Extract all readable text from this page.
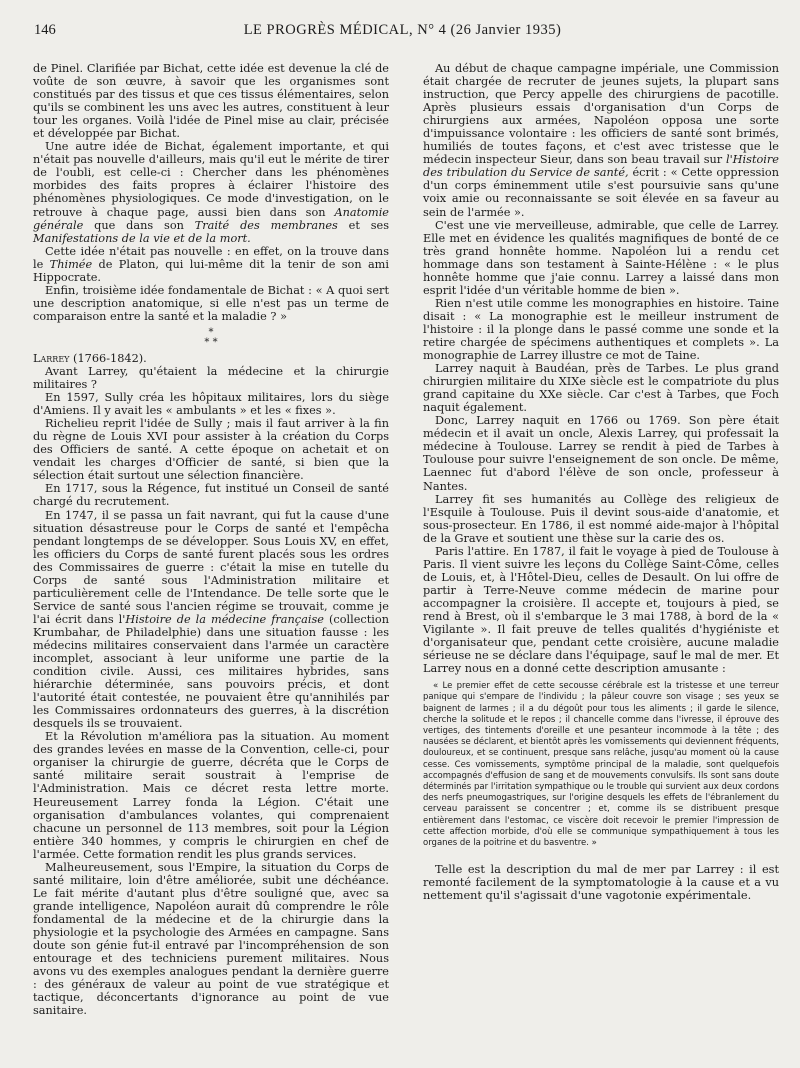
146	LE PROGRÈS MÉDICAL, N° 4 (26 Janvier 1935)

de Pinel. Clarifiée par Bichat, cette idée est devenue la clé de voûte de son œuvre, à savoir que les organismes sont constitués par des tissus et que ces tissus élémentaires, selon qu'ils se combinent les uns avec les autres, constituent à leur tour les organes. Voilà l'idée de Pinel mise au clair, précisée et développée par Bichat.

Une autre idée de Bichat, également importante, et qui n'était pas nouvelle d'ailleurs, mais qu'il eut le mérite de tirer de l'oubli, est celle-ci : Chercher dans les phénomènes morbides des faits propres à éclairer l'histoire des phénomènes physiologiques. Ce mode d'investigation, on le retrouve à chaque page, aussi bien dans son Anatomie générale que dans son Traité des membranes et ses Manifestations de la vie et de la mort.

Cette idée n'était pas nouvelle : en effet, on la trouve dans le Thimée de Platon, qui lui-même dit la tenir de son ami Hippocrate.

Enfin, troisième idée fondamentale de Bichat : « A quoi sert une description anatomique, si elle n'est pas un terme de comparaison entre la santé et la maladie ? »

*
* *

Larrey (1766-1842).

Avant Larrey, qu'étaient la médecine et la chirurgie militaires ?

En 1597, Sully créa les hôpitaux militaires, lors du siège d'Amiens. Il y avait les « ambulants » et les « fixes ».

Richelieu reprit l'idée de Sully ; mais il faut arriver à la fin du règne de Louis XVI pour assister à la création du Corps des Officiers de santé. A cette époque on achetait et on vendait les charges d'Officier de santé, si bien que la sélection était surtout une sélection financière.

En 1717, sous la Régence, fut institué un Conseil de santé chargé du recrutement.

En 1747, il se passa un fait navrant, qui fut la cause d'une situation désastreuse pour le Corps de santé et l'empêcha pendant longtemps de se développer. Sous Louis XV, en effet, les officiers du Corps de santé furent placés sous les ordres des Commissaires de guerre : c'était la mise en tutelle du Corps de santé sous l'Administration militaire et particulièrement celle de l'Intendance. De telle sorte que le Service de santé sous l'ancien régime se trouvait, comme je l'ai écrit dans l'Histoire de la médecine française (collection Krumbahar, de Philadelphie) dans une situation fausse : les médecins militaires conservaient dans l'armée un caractère incomplet, associant à leur uniforme une partie de la condition civile. Aussi, ces militaires hybrides, sans hiérarchie déterminée, sans pouvoirs précis, et dont l'autorité était contestée, ne pouvaient être qu'annihilés par les Commissaires ordonnateurs des guerres, à la discrétion desquels ils se trouvaient.

Et la Révolution m'améliora pas la situation. Au moment des grandes levées en masse de la Convention, celle-ci, pour organiser la chirurgie de guerre, décréta que le Corps de santé militaire serait soustrait à l'emprise de l'Administration. Mais ce décret resta lettre morte. Heureusement Larrey fonda la Légion. C'était une organisation d'ambulances volantes, qui comprenaient chacune un personnel de 113 membres, soit pour la Légion entière 340 hommes, y compris le chirurgien en chef de l'armée. Cette formation rendit les plus grands services.

Malheureusement, sous l'Empire, la situation du Corps de santé militaire, loin d'être améliorée, subit une déchéance. Le fait mérite d'autant plus d'être souligné que, avec sa grande intelligence, Napoléon aurait dû comprendre le rôle fondamental de la médecine et de la chirurgie dans la physiologie et la psychologie des Armées en campagne. Sans doute son génie fut-il entravé par l'incompréhension de son entourage et des techniciens purement militaires. Nous avons vu des exemples analogues pendant la dernière guerre : des généraux de valeur au point de vue stratégique et tactique, déconcertants d'ignorance au point de vue sanitaire.

Au début de chaque campagne impériale, une Commission était chargée de recruter de jeunes sujets, la plupart sans instruction, que Percy appelle des chirurgiens de pacotille. Après plusieurs essais d'organisation d'un Corps de chirurgiens aux armées, Napoléon opposa une sorte d'impuissance volontaire : les officiers de santé sont brimés, humiliés de toutes façons, et c'est avec tristesse que le médecin inspecteur Sieur, dans son beau travail sur l'Histoire des tribulation du Service de santé, écrit : « Cette oppression d'un corps éminemment utile s'est poursuivie sans qu'une voix amie ou reconnaissante se soit élevée en sa faveur au sein de l'armée ».

C'est une vie merveilleuse, admirable, que celle de Larrey. Elle met en évidence les qualités magnifiques de bonté de ce très grand honnête homme. Napoléon lui a rendu cet hommage dans son testament à Sainte-Hélène : « le plus honnête homme que j'aie connu. Larrey a laissé dans mon esprit l'idée d'un véritable homme de bien ».

Rien n'est utile comme les monographies en histoire. Taine disait : « La monographie est le meilleur instrument de l'histoire : il la plonge dans le passé comme une sonde et la retire chargée de spécimens authentiques et complets ». La monographie de Larrey illustre ce mot de Taine.

Larrey naquit à Baudéan, près de Tarbes. Le plus grand chirurgien militaire du XIXe siècle est le compatriote du plus grand capitaine du XXe siècle. Car c'est à Tarbes, que Foch naquit également.

Donc, Larrey naquit en 1766 ou 1769. Son père était médecin et il avait un oncle, Alexis Larrey, qui professait la médecine à Toulouse. Larrey se rendit à pied de Tarbes à Toulouse pour suivre l'enseignement de son oncle. De même, Laennec fut d'abord l'élève de son oncle, professeur à Nantes.

Larrey fit ses humanités au Collège des religieux de l'Esquile à Toulouse. Puis il devint sous-aide d'anatomie, et sous-prosecteur. En 1786, il est nommé aide-major à l'hôpital de la Grave et soutient une thèse sur la carie des os.

Paris l'attire. En 1787, il fait le voyage à pied de Toulouse à Paris. Il vient suivre les leçons du Collège Saint-Côme, celles de Louis, et, à l'Hôtel-Dieu, celles de Desault. On lui offre de partir à Terre-Neuve comme médecin de marine pour accompagner la croisière. Il accepte et, toujours à pied, se rend à Brest, où il s'embarque le 3 mai 1788, à bord de la « Vigilante ». Il fait preuve de telles qualités d'hygiéniste et d'organisateur que, pendant cette croisière, aucune maladie sérieuse ne se déclare dans l'équipage, sauf le mal de mer. Et Larrey nous en a donné cette description amusante :

« Le premier effet de cette secousse cérébrale est la tristesse et une terreur panique qui s'empare de l'individu ; la pâleur couvre son visage ; ses yeux se baignent de larmes ; il a du dégoût pour tous les aliments ; il garde le silence, cherche la solitude et le repos ; il chancelle comme dans l'ivresse, il éprouve des vertiges, des tintements d'oreille et une pesanteur incommode à la tête ; des nausées se déclarent, et bientôt après les vomissements qui deviennent fréquents, douloureux, et se continuent, presque sans relâche, jusqu'au moment où la cause cesse. Ces vomissements, symptôme principal de la maladie, sont quelquefois accompagnés d'effusion de sang et de mouvements convulsifs. Ils sont sans doute déterminés par l'irritation sympathique ou le trouble qui survient aux deux cordons des nerfs pneumogastriques, sur l'origine desquels les effets de l'ébranlement du cerveau paraissent se concentrer ; et, comme ils se distribuent presque entièrement dans l'estomac, ce viscère doit recevoir le premier l'impression de cette affection morbide, d'où elle se communique sympathiquement à tous les organes de la poitrine et du basventre. »

Telle est la description du mal de mer par Larrey : il est remonté facilement de la symptomatologie à la cause et a vu nettement qu'il s'agissait d'une vagotonie expérimentale.
